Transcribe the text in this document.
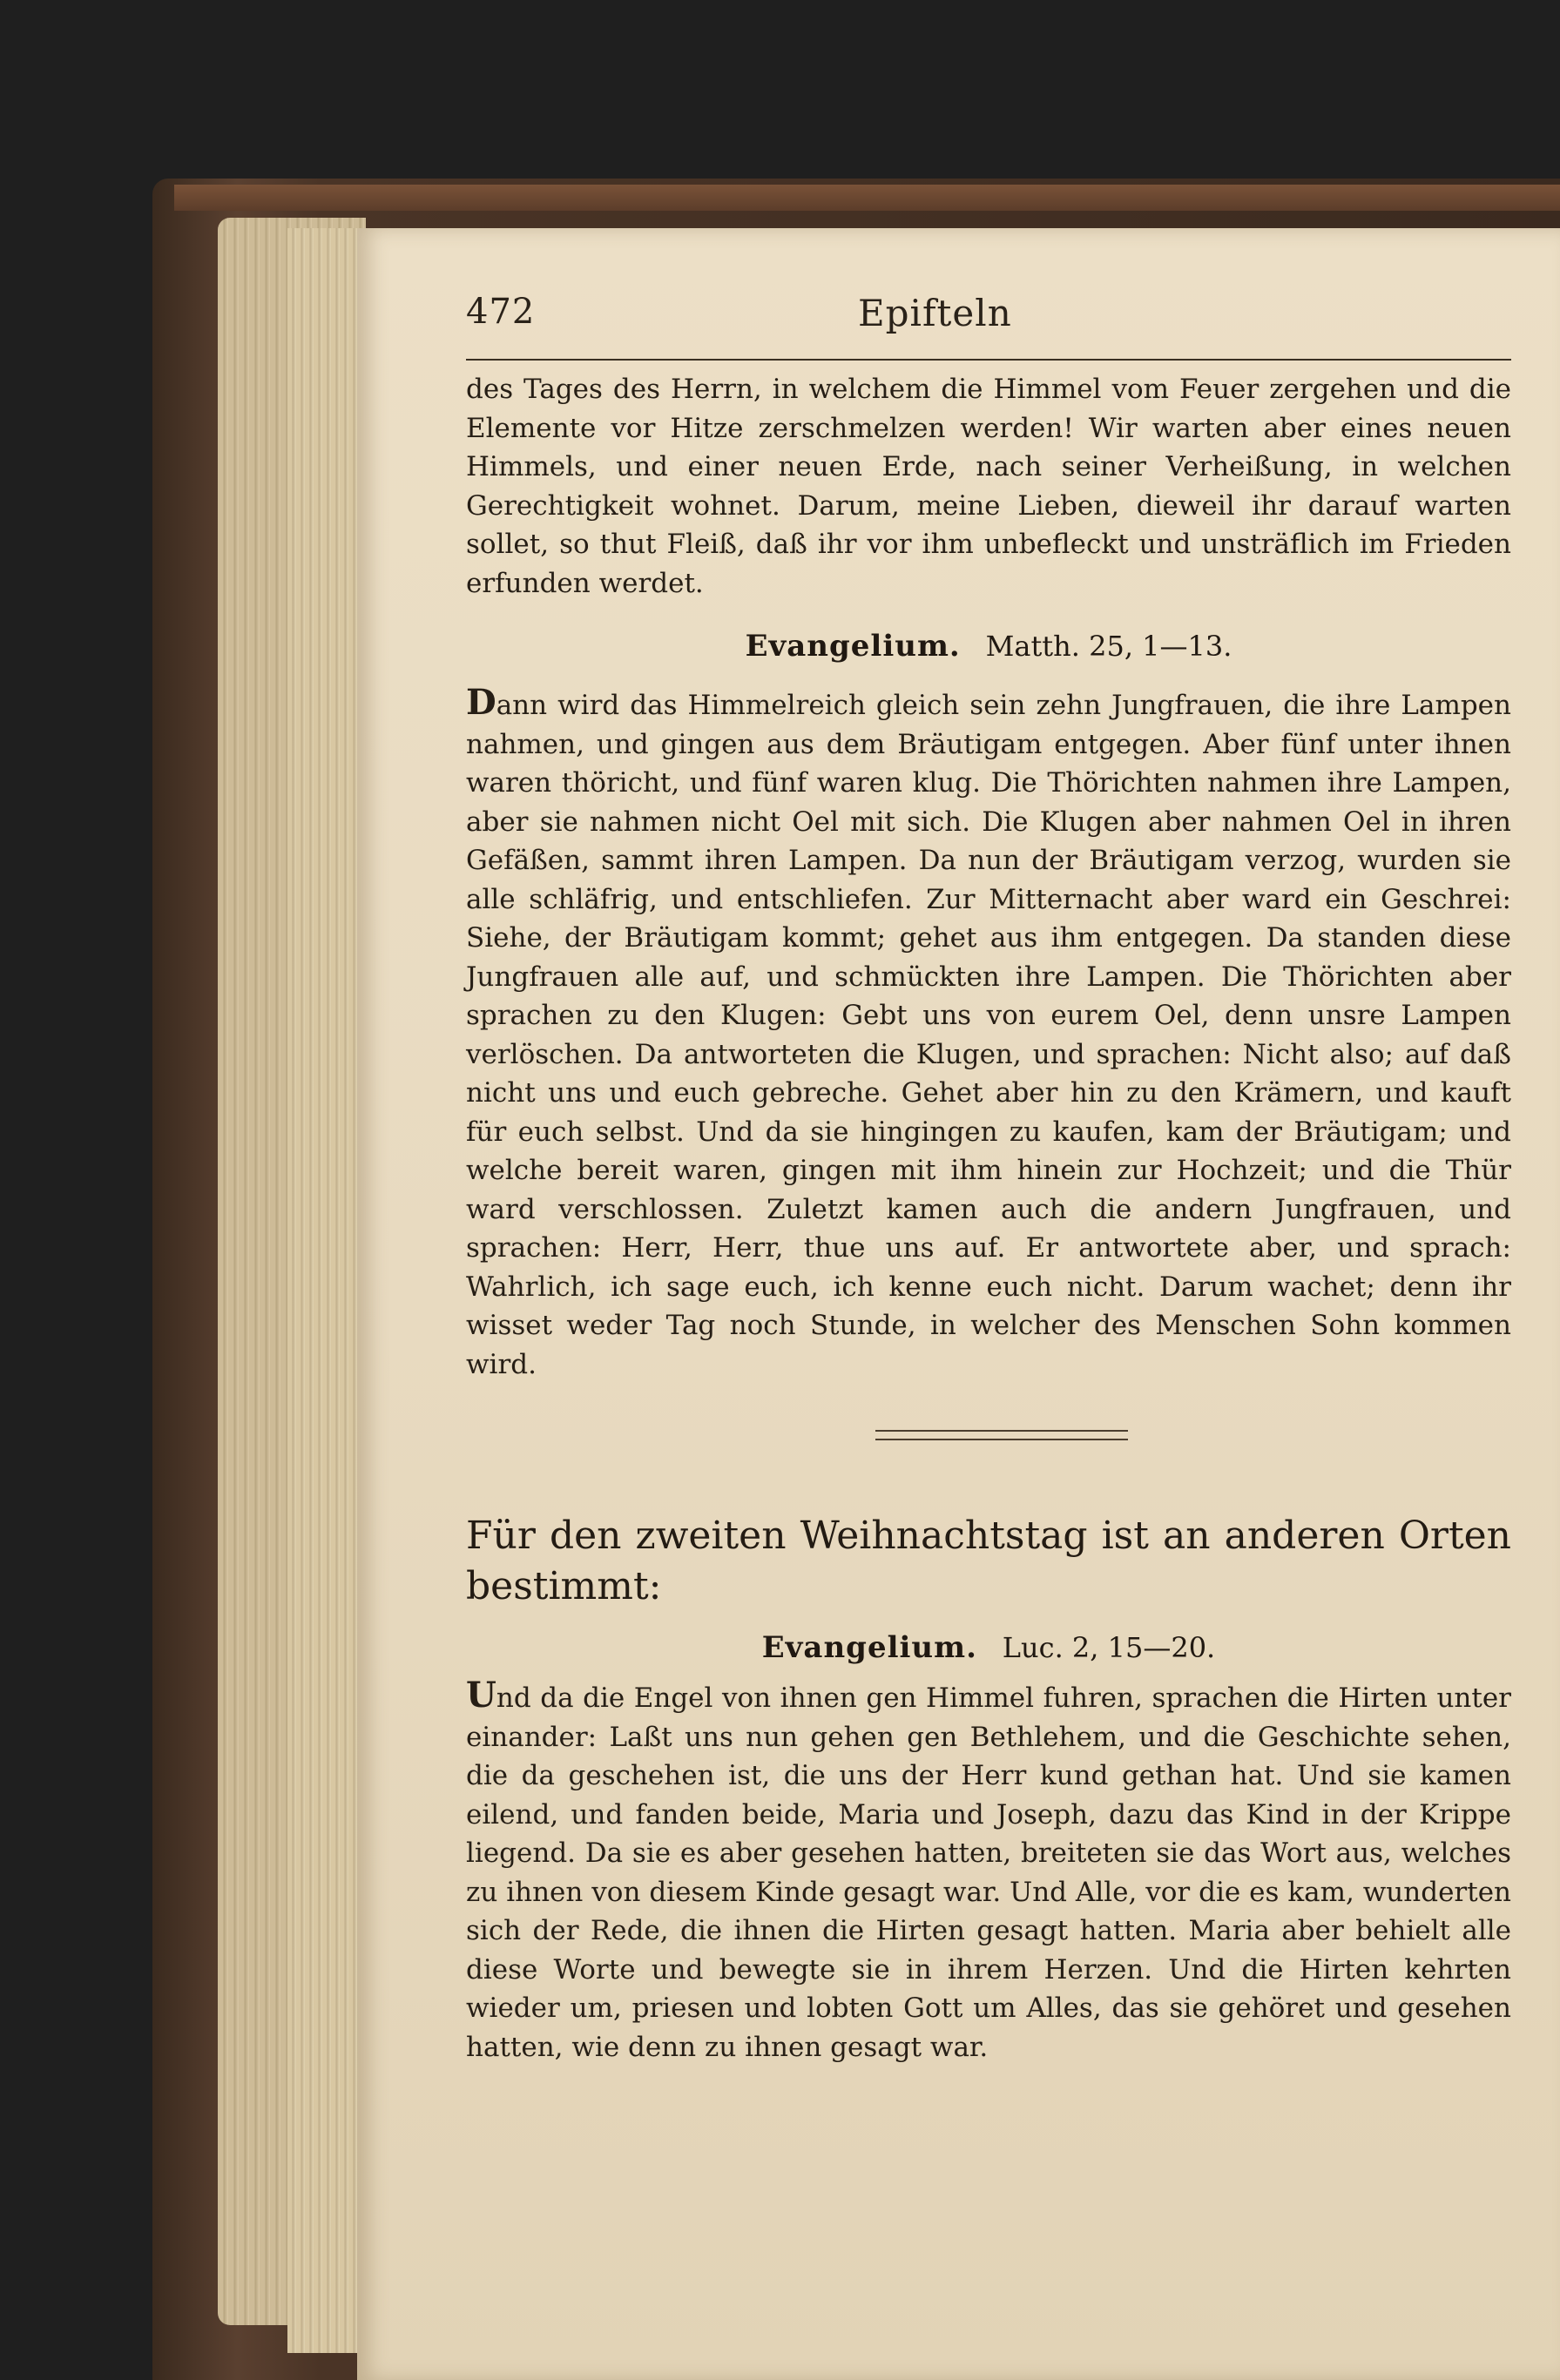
472	Epifteln

des Tages des Herrn, in welchem die Himmel vom Feuer zergehen und die Elemente vor Hitze zerschmelzen werden! Wir warten aber eines neuen Himmels, und einer neuen Erde, nach seiner Verheißung, in welchen Gerechtigkeit wohnet. Darum, meine Lieben, dieweil ihr darauf warten sollet, so thut Fleiß, daß ihr vor ihm unbefleckt und unsträflich im Frieden erfunden werdet.

Evangelium. Matth. 25, 1—13.

Dann wird das Himmelreich gleich sein zehn Jungfrauen, die ihre Lampen nahmen, und gingen aus dem Bräutigam entgegen. Aber fünf unter ihnen waren thöricht, und fünf waren klug. Die Thörichten nahmen ihre Lampen, aber sie nahmen nicht Oel mit sich. Die Klugen aber nahmen Oel in ihren Gefäßen, sammt ihren Lampen. Da nun der Bräutigam verzog, wurden sie alle schläfrig, und entschliefen. Zur Mitternacht aber ward ein Geschrei: Siehe, der Bräutigam kommt; gehet aus ihm entgegen. Da standen diese Jungfrauen alle auf, und schmückten ihre Lampen. Die Thörichten aber sprachen zu den Klugen: Gebt uns von eurem Oel, denn unsre Lampen verlöschen. Da antworteten die Klugen, und sprachen: Nicht also; auf daß nicht uns und euch gebreche. Gehet aber hin zu den Krämern, und kauft für euch selbst. Und da sie hingingen zu kaufen, kam der Bräutigam; und welche bereit waren, gingen mit ihm hinein zur Hochzeit; und die Thür ward verschlossen. Zuletzt kamen auch die andern Jungfrauen, und sprachen: Herr, Herr, thue uns auf. Er antwortete aber, und sprach: Wahrlich, ich sage euch, ich kenne euch nicht. Darum wachet; denn ihr wisset weder Tag noch Stunde, in welcher des Menschen Sohn kommen wird.

Für den zweiten Weihnachtstag ist an anderen Orten bestimmt:
Evangelium. Luc. 2, 15—20.

Und da die Engel von ihnen gen Himmel fuhren, sprachen die Hirten unter einander: Laßt uns nun gehen gen Bethlehem, und die Geschichte sehen, die da geschehen ist, die uns der Herr kund gethan hat. Und sie kamen eilend, und fanden beide, Maria und Joseph, dazu das Kind in der Krippe liegend. Da sie es aber gesehen hatten, breiteten sie das Wort aus, welches zu ihnen von diesem Kinde gesagt war. Und Alle, vor die es kam, wunderten sich der Rede, die ihnen die Hirten gesagt hatten. Maria aber behielt alle diese Worte und bewegte sie in ihrem Herzen. Und die Hirten kehrten wieder um, priesen und lobten Gott um Alles, das sie gehöret und gesehen hatten, wie denn zu ihnen gesagt war.
